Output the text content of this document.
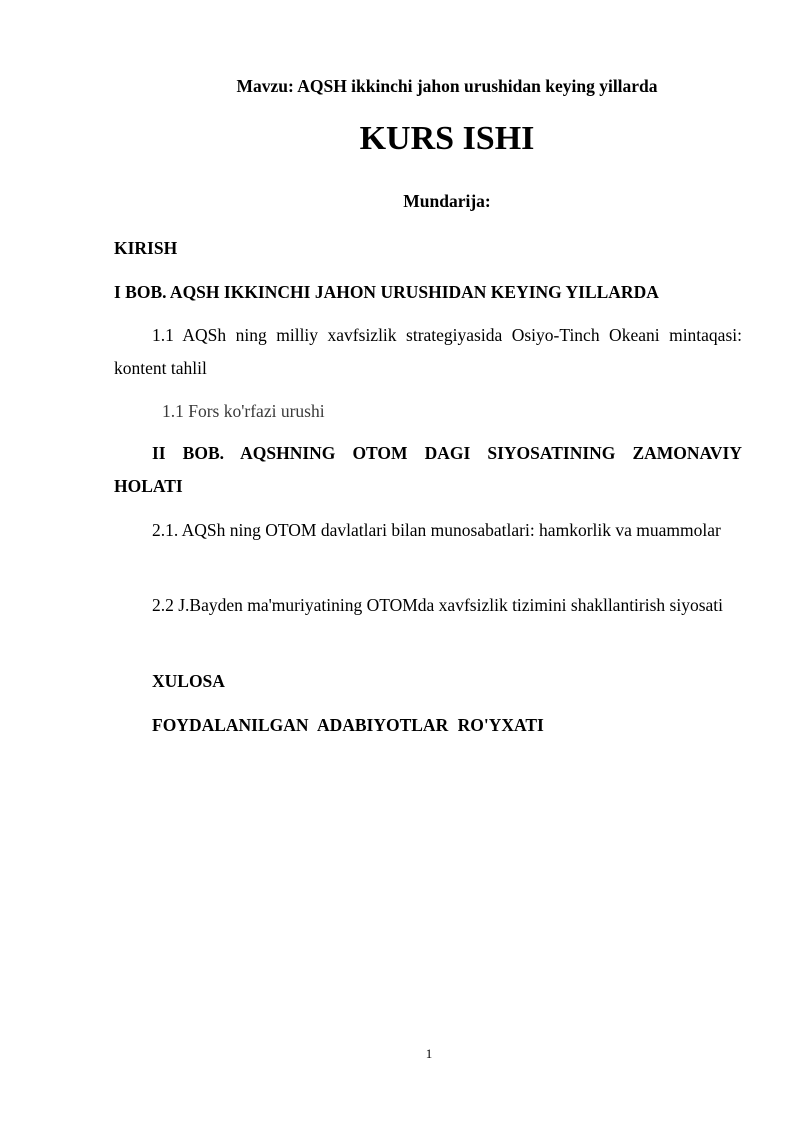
Mavzu: AQSH ikkinchi jahon urushidan keying yillarda
KURS ISHI
Mundarija:
KIRISH
I BOB. AQSH IKKINCHI JAHON URUSHIDAN KEYING YILLARDA
1.1 AQSh ning milliy xavfsizlik strategiyasida Osiyo-Tinch Okeani mintaqasi: kontent tahlil
1.1 Fors ko'rfazi urushi
II BOB. AQSHNING OTOM DAGI SIYOSATINING ZAMONAVIY HOLATI
2.1. AQSh ning OTOM davlatlari bilan munosabatlari: hamkorlik va muammolar
2.2 J.Bayden ma'muriyatining OTOMda xavfsizlik tizimini shakllantirish siyosati
XULOSA
FOYDALANILGAN ADABIYOTLAR RO'YXATI
1
